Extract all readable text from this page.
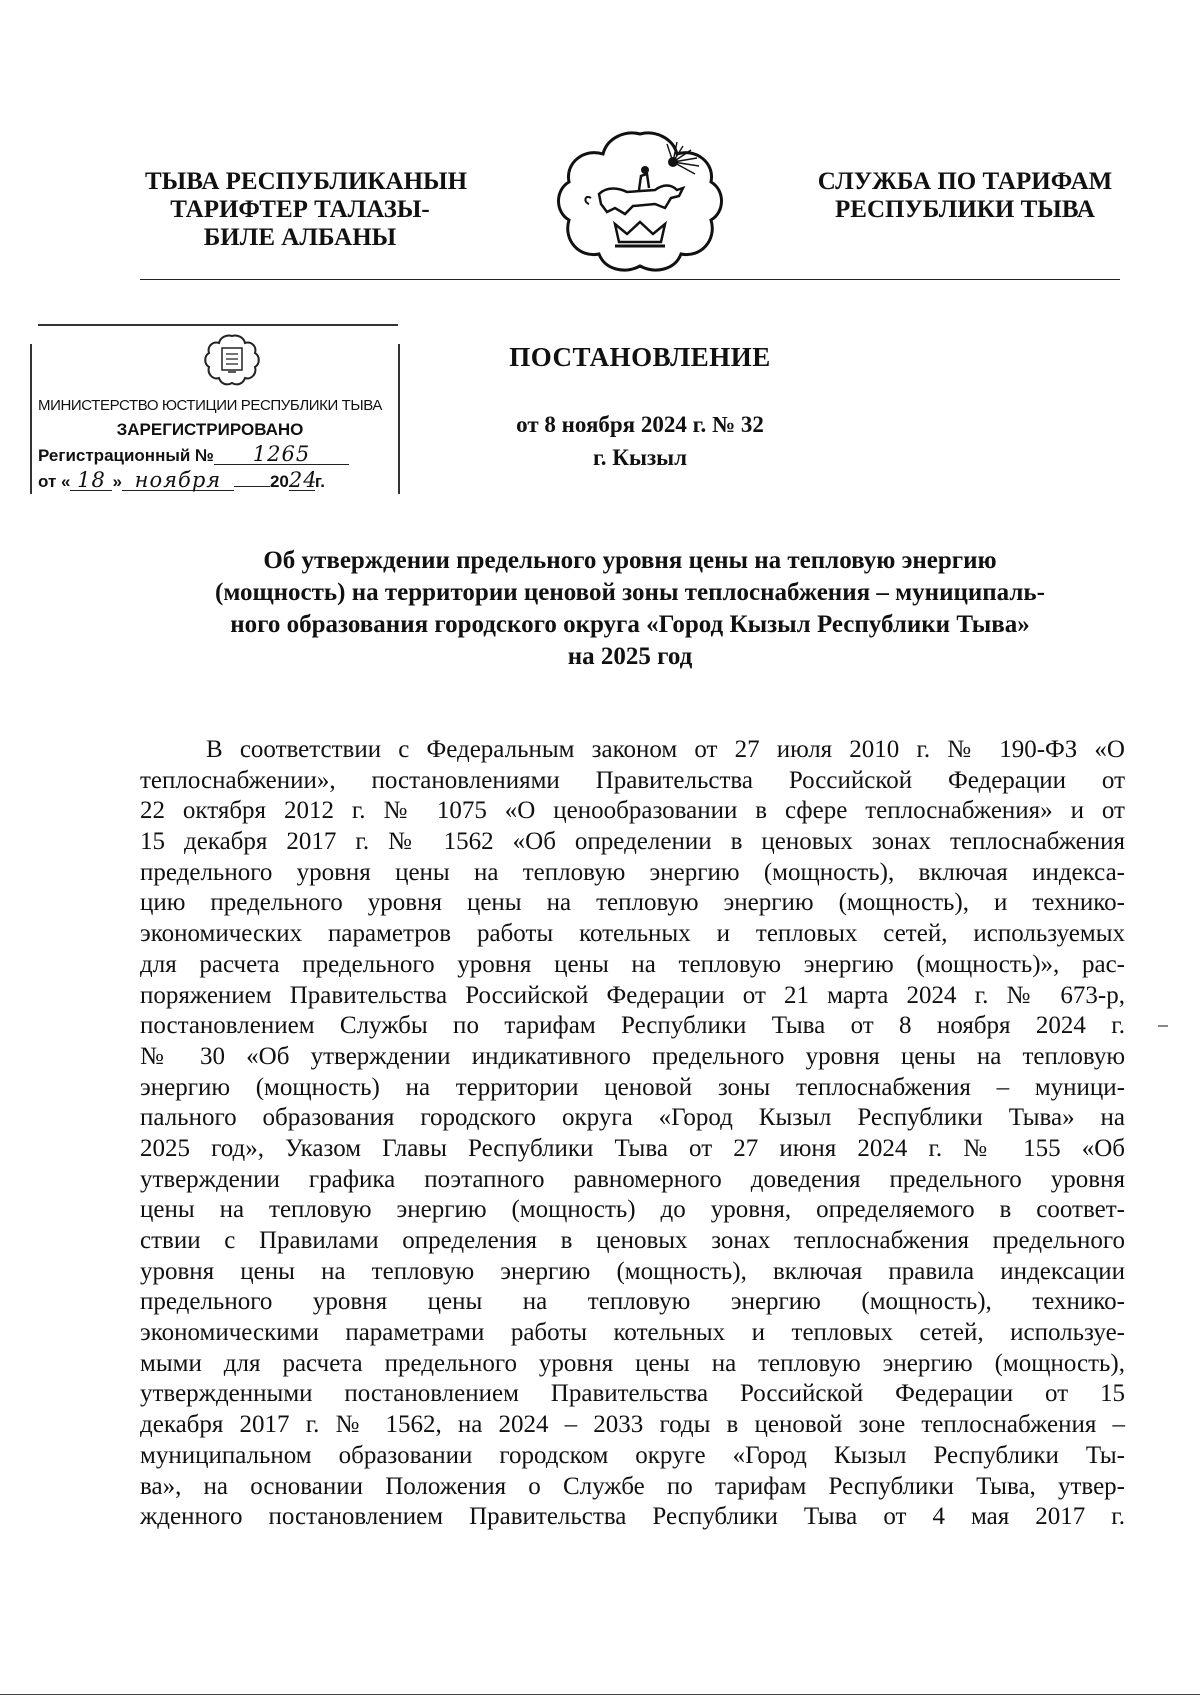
ТЫВА РЕСПУБЛИКАНЫН
ТАРИФТЕР ТАЛАЗЫ-
БИЛЕ АЛБАНЫ
СЛУЖБА ПО ТАРИФАМ
РЕСПУБЛИКИ ТЫВА
МИНИСТЕРСТВО ЮСТИЦИИ РЕСПУБЛИКИ ТЫВА
ЗАРЕГИСТРИРОВАНО
Регистрационный № 1265
от « 18 » ноября	2024г.
ПОСТАНОВЛЕНИЕ
от 8 ноября 2024 г. № 32
г. Кызыл
Об утверждении предельного уровня цены на тепловую энергию
(мощность) на территории ценовой зоны теплоснабжения – муниципаль-
ного образования городского округа «Город Кызыл Республики Тыва»
на 2025 год
В соответствии с Федеральным законом от 27 июля 2010 г. № 190-ФЗ «О
теплоснабжении», постановлениями Правительства Российской Федерации от
22 октября 2012 г. № 1075 «О ценообразовании в сфере теплоснабжения» и от
15 декабря 2017 г. № 1562 «Об определении в ценовых зонах теплоснабжения
предельного уровня цены на тепловую энергию (мощность), включая индекса-
цию предельного уровня цены на тепловую энергию (мощность), и технико-
экономических параметров работы котельных и тепловых сетей, используемых
для расчета предельного уровня цены на тепловую энергию (мощность)», рас-
поряжением Правительства Российской Федерации от 21 марта 2024 г. № 673-р,
постановлением Службы по тарифам Республики Тыва от 8 ноября 2024 г.
№ 30 «Об утверждении индикативного предельного уровня цены на тепловую
энергию (мощность) на территории ценовой зоны теплоснабжения – муници-
пального образования городского округа «Город Кызыл Республики Тыва» на
2025 год», Указом Главы Республики Тыва от 27 июня 2024 г. № 155 «Об
утверждении графика поэтапного равномерного доведения предельного уровня
цены на тепловую энергию (мощность) до уровня, определяемого в соответ-
ствии с Правилами определения в ценовых зонах теплоснабжения предельного
уровня цены на тепловую энергию (мощность), включая правила индексации
предельного уровня цены на тепловую энергию (мощность), технико-
экономическими параметрами работы котельных и тепловых сетей, используе-
мыми для расчета предельного уровня цены на тепловую энергию (мощность),
утвержденными постановлением Правительства Российской Федерации от 15
декабря 2017 г. № 1562, на 2024 – 2033 годы в ценовой зоне теплоснабжения –
муниципальном образовании городском округе «Город Кызыл Республики Ты-
ва», на основании Положения о Службе по тарифам Республики Тыва, утвер-
жденного постановлением Правительства Республики Тыва от 4 мая 2017 г.
